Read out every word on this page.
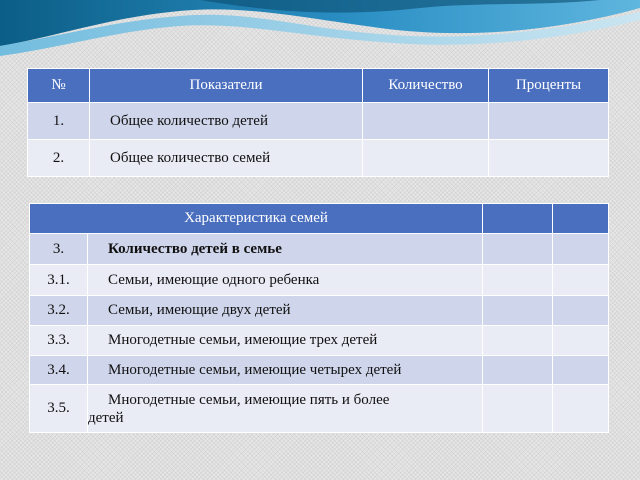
№	Показатели	Количество	Проценты
1.	Общее количество детей		
2.	Общее количество семей		
Характеристика семей			
3.	Количество детей в семье		
3.1.	Семьи, имеющие одного ребенка		
3.2.	Семьи, имеющие двух детей		
3.3.	Многодетные семьи, имеющие трех детей		
3.4.	Многодетные семьи, имеющие четырех детей		
3.5.	Многодетные семьи, имеющие пять и более
детей		
